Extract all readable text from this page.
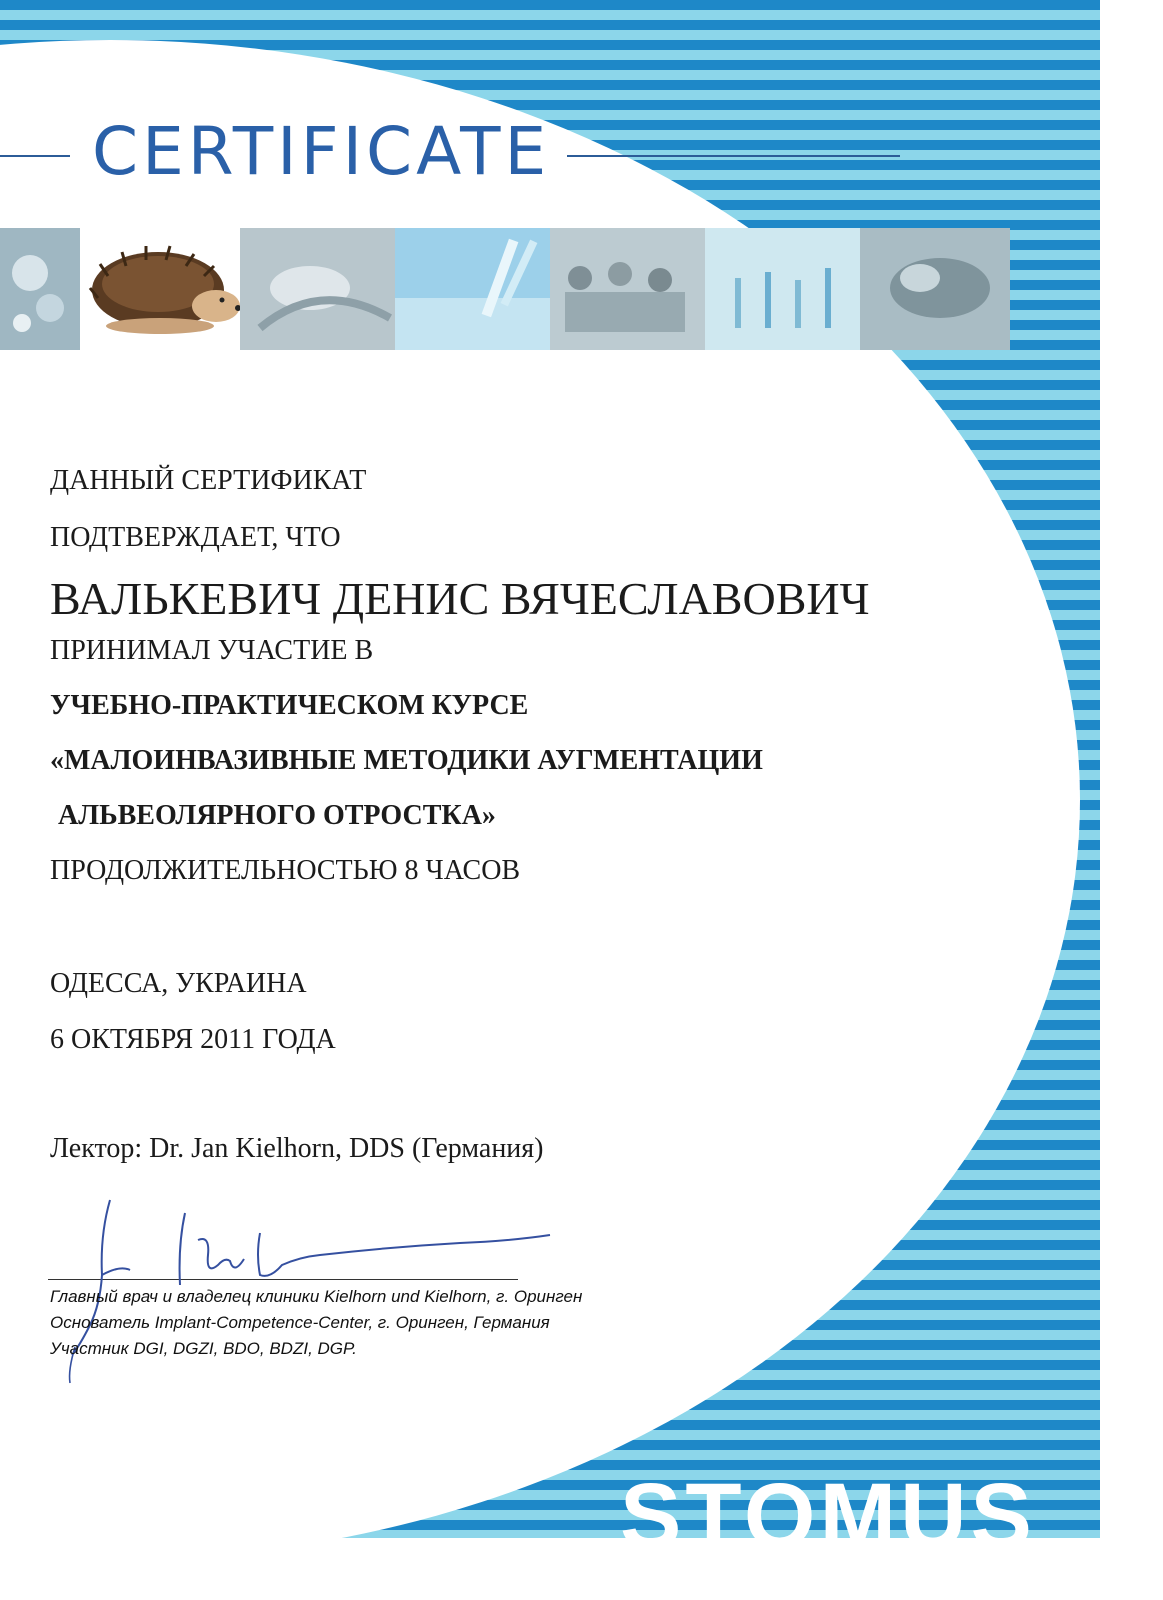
CERTIFICATE
ДАННЫЙ СЕРТИФИКАТ
ПОДТВЕРЖДАЕТ, ЧТО
ВАЛЬКЕВИЧ ДЕНИС ВЯЧЕСЛАВОВИЧ
ПРИНИМАЛ УЧАСТИЕ В
УЧЕБНО-ПРАКТИЧЕСКОМ КУРСЕ
«МАЛОИНВАЗИВНЫЕ МЕТОДИКИ АУГМЕНТАЦИИ
АЛЬВЕОЛЯРНОГО ОТРОСТКА»
ПРОДОЛЖИТЕЛЬНОСТЬЮ 8 ЧАСОВ
ОДЕССА, УКРАИНА
6 ОКТЯБРЯ 2011 ГОДА
Лектор: Dr. Jan Kielhorn, DDS (Германия)
Главный врач и владелец клиники Kielhorn und Kielhorn, г. Оринген
Основатель Implant-Competence-Center, г. Оринген, Германия
Участник DGI, DGZI, BDO, BDZI, DGP.
STOMUS
